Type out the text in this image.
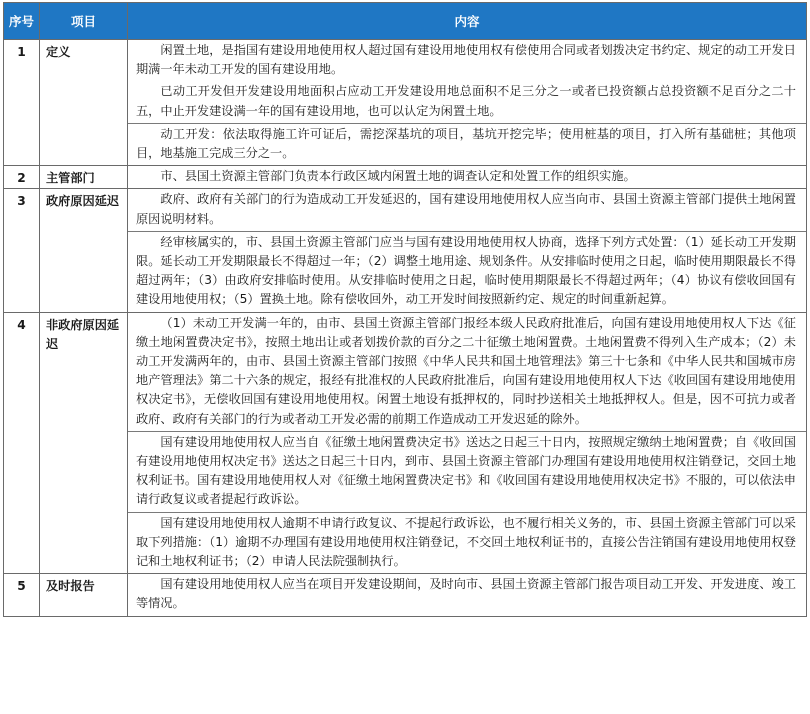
序号	项目	内容
1	定义	闲置土地，是指国有建设用地使用权人超过国有建设用地使用权有偿使用合同或者划拨决定书约定、规定的动工开发日期满一年未动工开发的国有建设用地。
已动工开发但开发建设用地面积占应动工开发建设用地总面积不足三分之一或者已投资额占总投资额不足百分之二十五，中止开发建设满一年的国有建设用地，也可以认定为闲置土地。
动工开发：依法取得施工许可证后，需挖深基坑的项目，基坑开挖完毕；使用桩基的项目，打入所有基础桩；其他项目，地基施工完成三分之一。

2	主管部门	市、县国土资源主管部门负责本行政区域内闲置土地的调查认定和处置工作的组织实施。

3	政府原因延迟	政府、政府有关部门的行为造成动工开发延迟的，国有建设用地使用权人应当向市、县国土资源主管部门提供土地闲置原因说明材料。
经审核属实的，市、县国土资源主管部门应当与国有建设用地使用权人协商，选择下列方式处置：（1）延长动工开发期限。延长动工开发期限最长不得超过一年；（2）调整土地用途、规划条件。从安排临时使用之日起，临时使用期限最长不得超过两年；（3）由政府安排临时使用。从安排临时使用之日起，临时使用期限最长不得超过两年；（4）协议有偿收回国有建设用地使用权；（5）置换土地。除有偿收回外，动工开发时间按照新约定、规定的时间重新起算。

4	非政府原因延迟	（1）未动工开发满一年的，由市、县国土资源主管部门报经本级人民政府批准后，向国有建设用地使用权人下达《征缴土地闲置费决定书》，按照土地出让或者划拨价款的百分之二十征缴土地闲置费。土地闲置费不得列入生产成本；（2）未动工开发满两年的，由市、县国土资源主管部门按照《中华人民共和国土地管理法》第三十七条和《中华人民共和国城市房地产管理法》第二十六条的规定，报经有批准权的人民政府批准后，向国有建设用地使用权人下达《收回国有建设用地使用权决定书》，无偿收回国有建设用地使用权。闲置土地设有抵押权的，同时抄送相关土地抵押权人。但是，因不可抗力或者政府、政府有关部门的行为或者动工开发必需的前期工作造成动工开发迟延的除外。
国有建设用地使用权人应当自《征缴土地闲置费决定书》送达之日起三十日内，按照规定缴纳土地闲置费；自《收回国有建设用地使用权决定书》送达之日起三十日内，到市、县国土资源主管部门办理国有建设用地使用权注销登记，交回土地权利证书。国有建设用地使用权人对《征缴土地闲置费决定书》和《收回国有建设用地使用权决定书》不服的，可以依法申请行政复议或者提起行政诉讼。
国有建设用地使用权人逾期不申请行政复议、不提起行政诉讼，也不履行相关义务的，市、县国土资源主管部门可以采取下列措施：（1）逾期不办理国有建设用地使用权注销登记，不交回土地权利证书的，直接公告注销国有建设用地使用权登记和土地权利证书；（2）申请人民法院强制执行。

5	及时报告	国有建设用地使用权人应当在项目开发建设期间，及时向市、县国土资源主管部门报告项目动工开发、开发进度、竣工等情况。
